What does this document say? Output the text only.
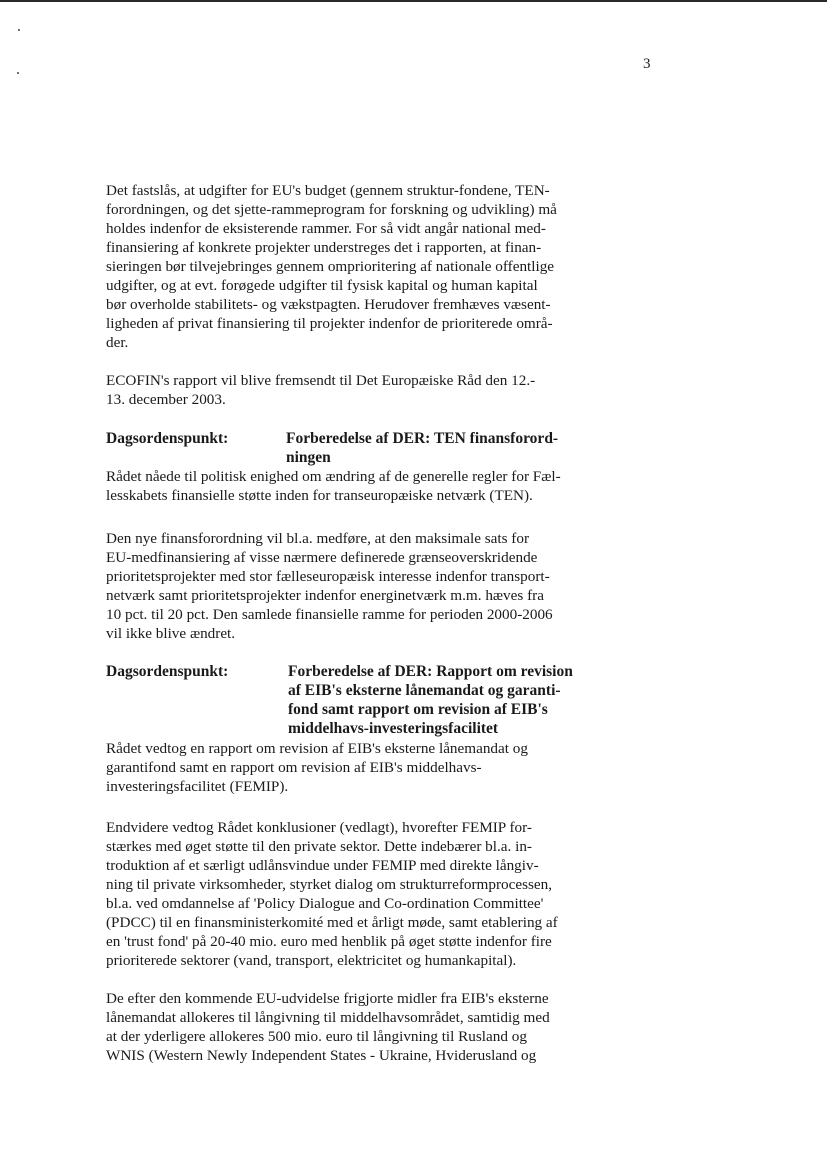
3
Det fastslås, at udgifter for EU's budget (gennem struktur-fondene, TEN-
forordningen, og det sjette-rammeprogram for forskning og udvikling) må
holdes indenfor de eksisterende rammer. For så vidt angår national med-
finansiering af konkrete projekter understreges det i rapporten, at finan-
sieringen bør tilvejebringes gennem omprioritering af nationale offentlige
udgifter, og at evt. forøgede udgifter til fysisk kapital og human kapital
bør overholde stabilitets- og vækstpagten. Herudover fremhæves væsent-
ligheden af privat finansiering til projekter indenfor de prioriterede områ-
der.
ECOFIN's rapport vil blive fremsendt til Det Europæiske Råd den 12.-
13. december 2003.
Dagsordenspunkt:	Forberedelse af DER: TEN finansforord-
ningen
Rådet nåede til politisk enighed om ændring af de generelle regler for Fæl-
lesskabets finansielle støtte inden for transeuropæiske netværk (TEN).
Den nye finansforordning vil bl.a. medføre, at den maksimale sats for
EU-medfinansiering af visse nærmere definerede grænseoverskridende
prioritetsprojekter med stor fælleseuropæisk interesse indenfor transport-
netværk samt prioritetsprojekter indenfor energinetværk m.m. hæves fra
10 pct. til 20 pct. Den samlede finansielle ramme for perioden 2000-2006
vil ikke blive ændret.
Dagsordenspunkt:	Forberedelse af DER: Rapport om revision
af EIB's eksterne lånemandat og garanti-
fond samt rapport om revision af EIB's
middelhavs-investeringsfacilitet
Rådet vedtog en rapport om revision af EIB's eksterne lånemandat og
garantifond samt en rapport om revision af EIB's middelhavs-
investeringsfacilitet (FEMIP).
Endvidere vedtog Rådet konklusioner (vedlagt), hvorefter FEMIP for-
stærkes med øget støtte til den private sektor. Dette indebærer bl.a. in-
troduktion af et særligt udlånsvindue under FEMIP med direkte långiv-
ning til private virksomheder, styrket dialog om strukturreformprocessen,
bl.a. ved omdannelse af 'Policy Dialogue and Co-ordination Committee'
(PDCC) til en finansministerkomité med et årligt møde, samt etablering af
en 'trust fond' på 20-40 mio. euro med henblik på øget støtte indenfor fire
prioriterede sektorer (vand, transport, elektricitet og humankapital).
De efter den kommende EU-udvidelse frigjorte midler fra EIB's eksterne
lånemandat allokeres til långivning til middelhavsområdet, samtidig med
at der yderligere allokeres 500 mio. euro til långivning til Rusland og
WNIS (Western Newly Independent States - Ukraine, Hviderusland og
